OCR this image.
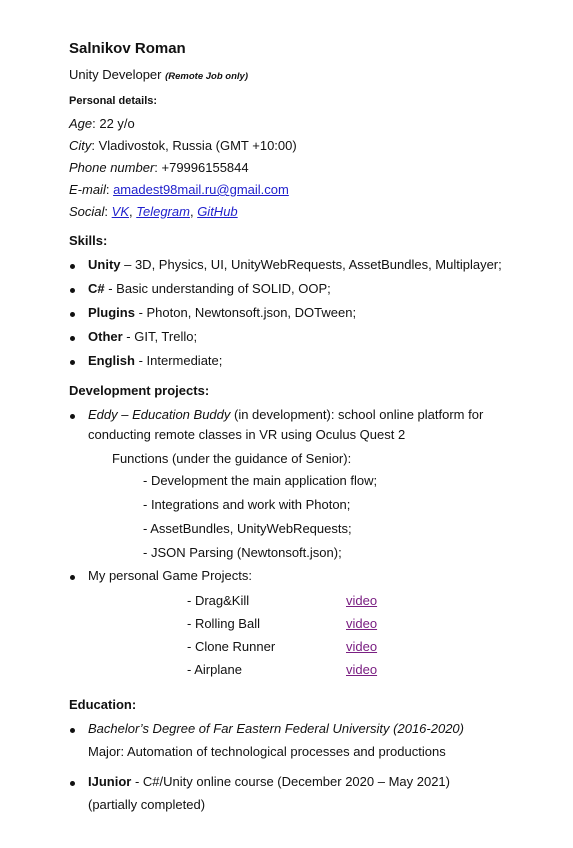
Salnikov Roman
Unity Developer (Remote Job only)
Personal details:
Age: 22 y/o
City: Vladivostok, Russia (GMT +10:00)
Phone number: +79996155844
E-mail: amadest98mail.ru@gmail.com
Social: VK, Telegram, GitHub
Skills:
Unity – 3D, Physics, UI, UnityWebRequests, AssetBundles, Multiplayer;
C# - Basic understanding of SOLID, OOP;
Plugins - Photon, Newtonsoft.json, DOTween;
Other - GIT, Trello;
English - Intermediate;
Development projects:
Eddy – Education Buddy (in development): school online platform for
conducting remote classes in VR using Oculus Quest 2
Functions (under the guidance of Senior):
- Development the main application flow;
- Integrations and work with Photon;
- AssetBundles, UnityWebRequests;
- JSON Parsing (Newtonsoft.json);
My personal Game Projects:
- Drag&Kill	video
- Rolling Ball	video
- Clone Runner	video
- Airplane	video
Education:
Bachelor’s Degree of Far Eastern Federal University (2016-2020)
Major: Automation of technological processes and productions
IJunior - C#/Unity online course (December 2020 – May 2021)
(partially completed)
